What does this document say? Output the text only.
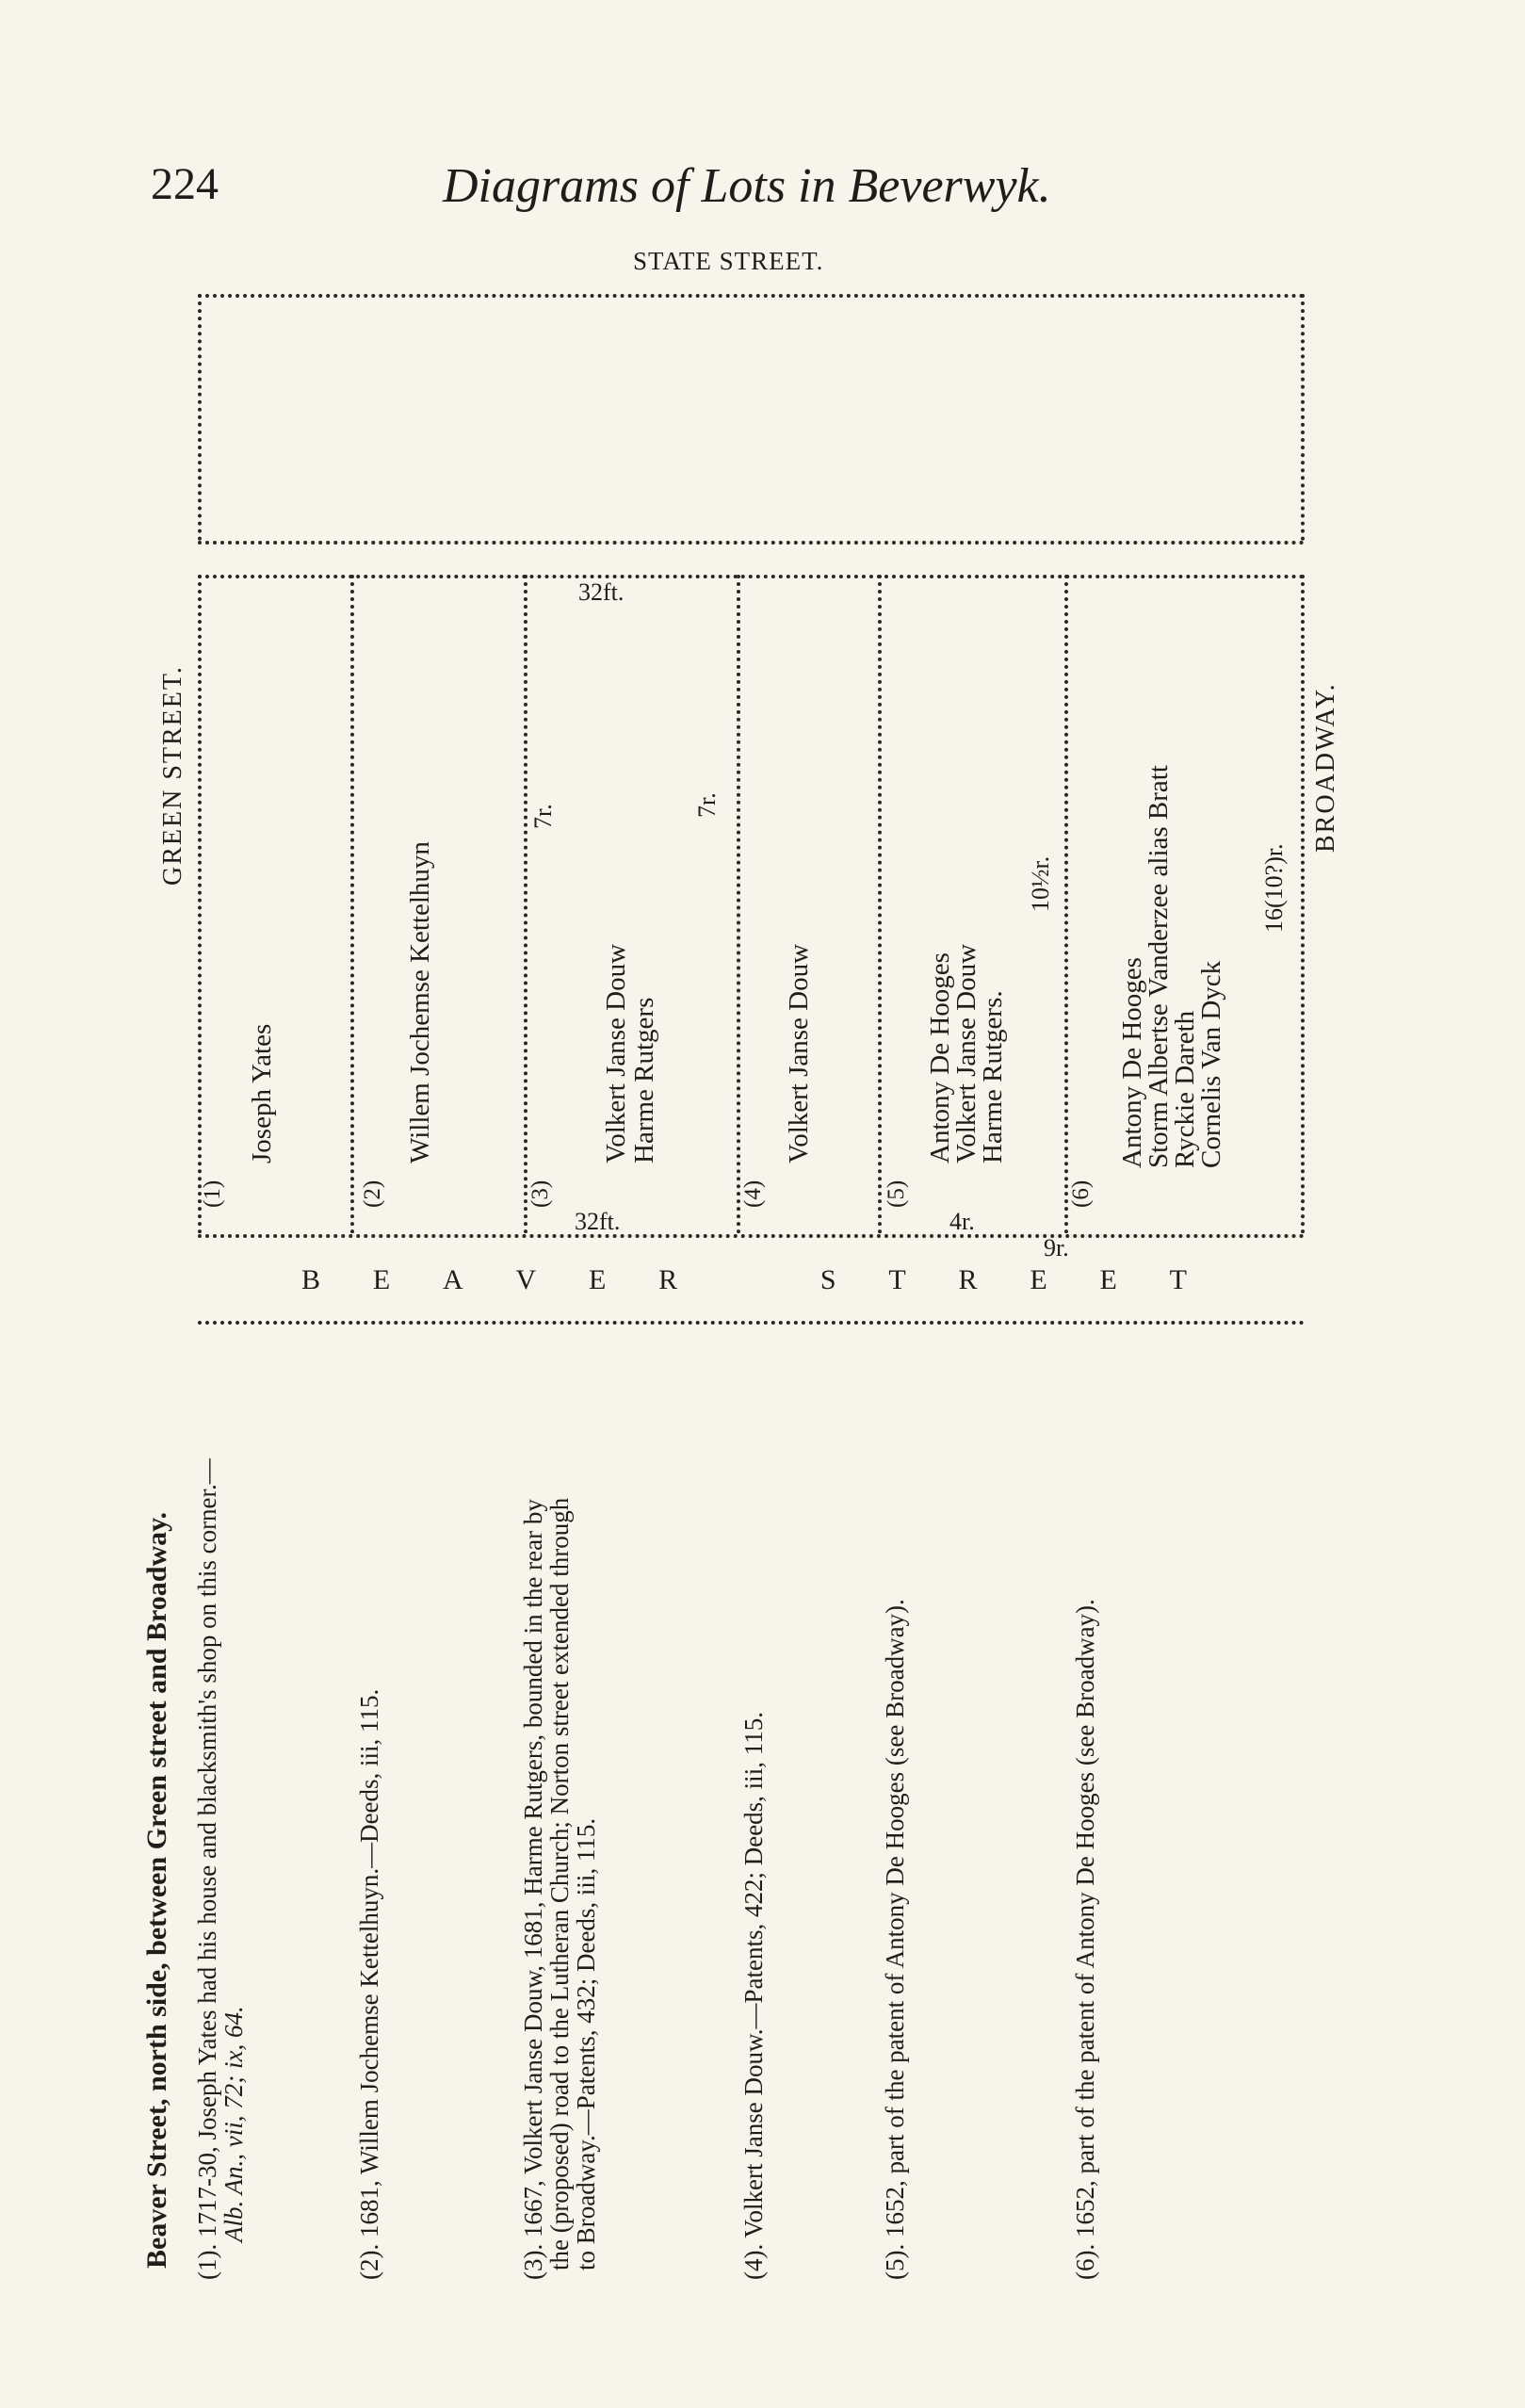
224	Diagrams of Lots in Beverwyk.
STATE STREET.
GREEN STREET.	BROADWAY.
(1)
Joseph Yates
(2)
Willem Jochemse Kettelhuyn
32ft.
7r.	7r.
(3)
Volkert Janse Douw
Harme Rutgers
32ft.
(4)
Volkert Janse Douw
(5)
Antony De Hooges
Volkert Janse Douw
Harme Rutgers.
10½r.
4r.
9r.
(6)
Antony De Hooges
Storm Albertse Vanderzee alias Bratt
Ryckie Dareth
Cornelis Van Dyck
16(10?)r.
B E A V E R	S T R E E T
Beaver Street, north side, between Green street and Broadway. (1). 1717-30, Joseph Yates had his house and blacksmith's shop on this corner.—
Alb. An., vii, 72; ix, 64.	(2). 1681, Willem Jochemse Kettelhuyn.—Deeds, iii, 115.	(3). 1667, Volkert Janse Douw, 1681, Harme Rutgers, bounded in the rear by
the (proposed) road to the Lutheran Church; Norton street extended through
to Broadway.—Patents, 432; Deeds, iii, 115.	(4). Volkert Janse Douw.—Patents, 422; Deeds, iii, 115.	(5). 1652, part of the patent of Antony De Hooges (see Broadway).	(6). 1652, part of the patent of Antony De Hooges (see Broadway).
